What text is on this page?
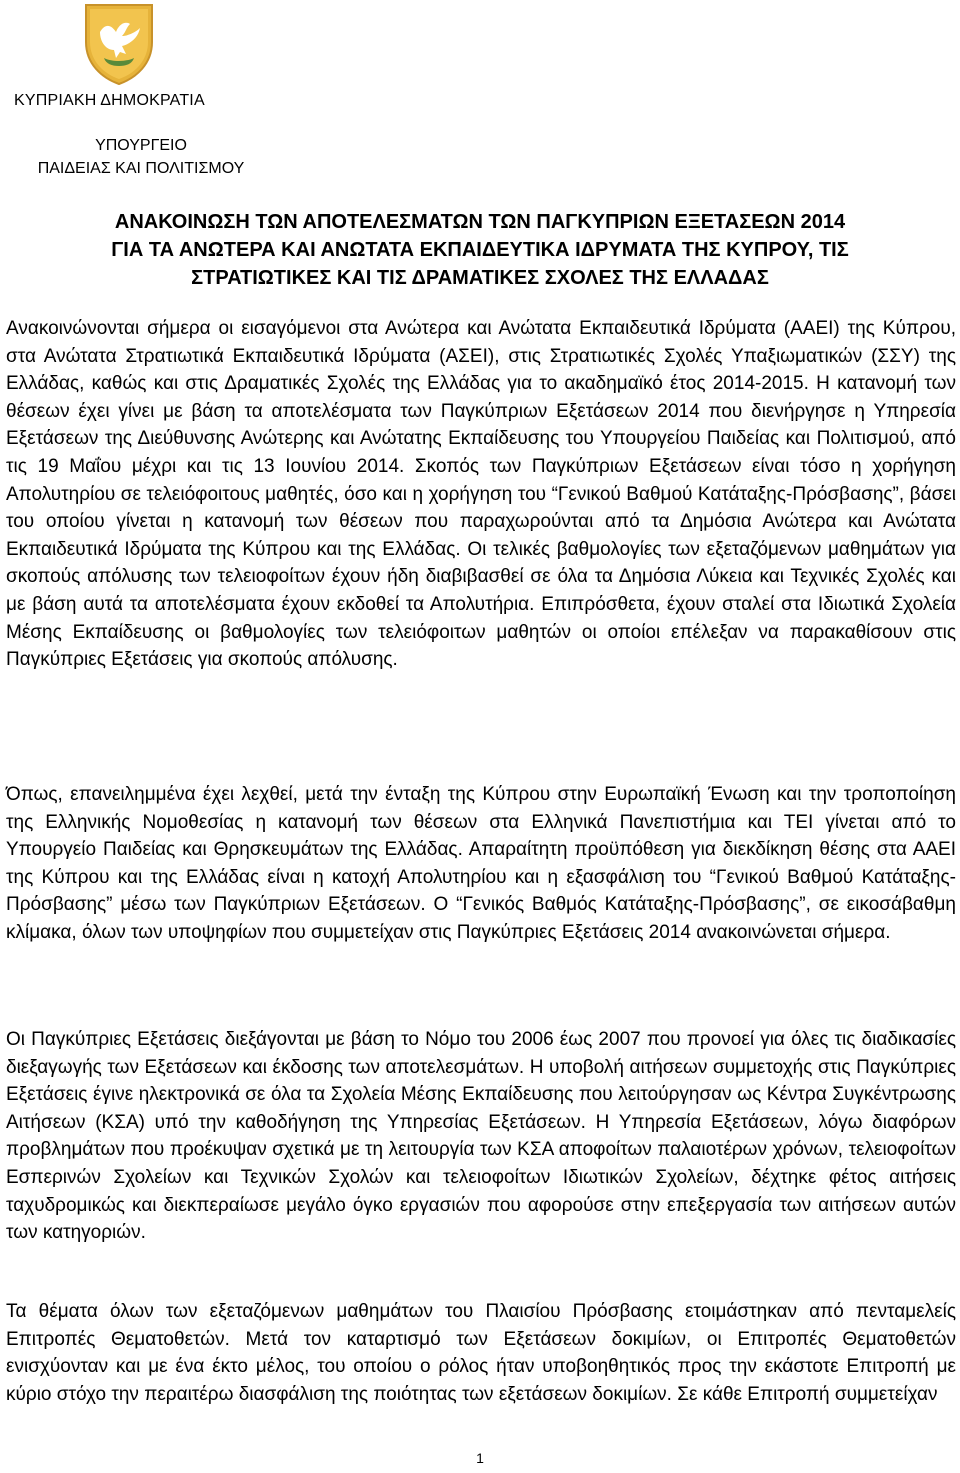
ΚΥΠΡΙΑΚΗ ΔΗΜΟΚΡΑΤΙΑ
ΥΠΟΥΡΓΕΙΟ
ΠΑΙΔΕΙΑΣ ΚΑΙ ΠΟΛΙΤΙΣΜΟΥ
ΑΝΑΚΟΙΝΩΣΗ ΤΩΝ ΑΠΟΤΕΛΕΣΜΑΤΩΝ ΤΩΝ ΠΑΓΚΥΠΡΙΩΝ ΕΞΕΤΑΣΕΩΝ 2014
ΓΙΑ ΤΑ ΑΝΩΤΕΡΑ ΚΑΙ ΑΝΩΤΑΤΑ ΕΚΠΑΙΔΕΥΤΙΚΑ ΙΔΡΥΜΑΤΑ ΤΗΣ ΚΥΠΡΟΥ, ΤΙΣ
ΣΤΡΑΤΙΩΤΙΚΕΣ ΚΑΙ ΤΙΣ ΔΡΑΜΑΤΙΚΕΣ ΣΧΟΛΕΣ ΤΗΣ ΕΛΛΑΔΑΣ

Ανακοινώνονται σήμερα οι εισαγόμενοι στα Ανώτερα και Ανώτατα Εκπαιδευτικά Ιδρύματα (ΑΑΕΙ) της Κύπρου, στα Ανώτατα Στρατιωτικά Εκπαιδευτικά Ιδρύματα (ΑΣΕΙ), στις Στρατιωτικές Σχολές Υπαξιωματικών (ΣΣΥ) της Ελλάδας, καθώς και στις Δραματικές Σχολές της Ελλάδας για το ακαδημαϊκό έτος 2014-2015. Η κατανομή των θέσεων έχει γίνει με βάση τα αποτελέσματα των Παγκύπριων Εξετάσεων 2014 που διενήργησε η Υπηρεσία Εξετάσεων της Διεύθυνσης Ανώτερης και Ανώτατης Εκπαίδευσης του Υπουργείου Παιδείας και Πολιτισμού, από τις 19 Μαΐου μέχρι και τις 13 Ιουνίου 2014. Σκοπός των Παγκύπριων Εξετάσεων είναι τόσο η χορήγηση Απολυτηρίου σε τελειόφοιτους μαθητές, όσο και η χορήγηση του “Γενικού Βαθμού Κατάταξης-Πρόσβασης”, βάσει του οποίου γίνεται η κατανομή των θέσεων που παραχωρούνται από τα Δημόσια Ανώτερα και Ανώτατα Εκπαιδευτικά Ιδρύματα της Κύπρου και της Ελλάδας. Οι τελικές βαθμολογίες των εξεταζόμενων μαθημάτων για σκοπούς απόλυσης των τελειοφοίτων έχουν ήδη διαβιβασθεί σε όλα τα Δημόσια Λύκεια και Τεχνικές Σχολές και με βάση αυτά τα αποτελέσματα έχουν εκδοθεί τα Απολυτήρια. Επιπρόσθετα, έχουν σταλεί στα Ιδιωτικά Σχολεία Μέσης Εκπαίδευσης οι βαθμολογίες των τελειόφοιτων μαθητών οι οποίοι επέλεξαν να παρακαθίσουν στις Παγκύπριες Εξετάσεις για σκοπούς απόλυσης.

Όπως, επανειλημμένα έχει λεχθεί, μετά την ένταξη της Κύπρου στην Ευρωπαϊκή Ένωση και την τροποποίηση της Ελληνικής Νομοθεσίας η κατανομή των θέσεων στα Ελληνικά Πανεπιστήμια και ΤΕΙ γίνεται από το Υπουργείο Παιδείας και Θρησκευμάτων της Ελλάδας. Απαραίτητη προϋπόθεση για διεκδίκηση θέσης στα ΑΑΕΙ της Κύπρου και της Ελλάδας είναι η κατοχή Απολυτηρίου και η εξασφάλιση του “Γενικού Βαθμού Κατάταξης-Πρόσβασης” μέσω των Παγκύπριων Εξετάσεων. Ο “Γενικός Βαθμός Κατάταξης-Πρόσβασης”, σε εικοσάβαθμη κλίμακα, όλων των υποψηφίων που συμμετείχαν στις Παγκύπριες Εξετάσεις 2014 ανακοινώνεται σήμερα.

Οι Παγκύπριες Εξετάσεις διεξάγονται με βάση το Νόμο του 2006 έως 2007 που προνοεί για όλες τις διαδικασίες διεξαγωγής των Εξετάσεων και έκδοσης των αποτελεσμάτων. Η υποβολή αιτήσεων συμμετοχής στις Παγκύπριες Εξετάσεις έγινε ηλεκτρονικά σε όλα τα Σχολεία Μέσης Εκπαίδευσης που λειτούργησαν ως Κέντρα Συγκέντρωσης Αιτήσεων (ΚΣΑ) υπό την καθοδήγηση της Υπηρεσίας Εξετάσεων. Η Υπηρεσία Εξετάσεων, λόγω διαφόρων προβλημάτων που προέκυψαν σχετικά με τη λειτουργία των ΚΣΑ αποφοίτων παλαιοτέρων χρόνων, τελειοφοίτων Εσπερινών Σχολείων και Τεχνικών Σχολών και τελειοφοίτων Ιδιωτικών Σχολείων, δέχτηκε φέτος αιτήσεις ταχυδρομικώς και διεκπεραίωσε μεγάλο όγκο εργασιών που αφορούσε στην επεξεργασία των αιτήσεων αυτών των κατηγοριών.

Τα θέματα όλων των εξεταζόμενων μαθημάτων του Πλαισίου Πρόσβασης ετοιμάστηκαν από πενταμελείς Επιτροπές Θεματοθετών. Μετά τον καταρτισμό των Εξετάσεων δοκιμίων, οι Επιτροπές Θεματοθετών ενισχύονταν και με ένα έκτο μέλος, του οποίου ο ρόλος ήταν υποβοηθητικός προς την εκάστοτε Επιτροπή με κύριο στόχο την περαιτέρω διασφάλιση της ποιότητας των εξετάσεων δοκιμίων. Σε κάθε Επιτροπή συμμετείχαν

1
